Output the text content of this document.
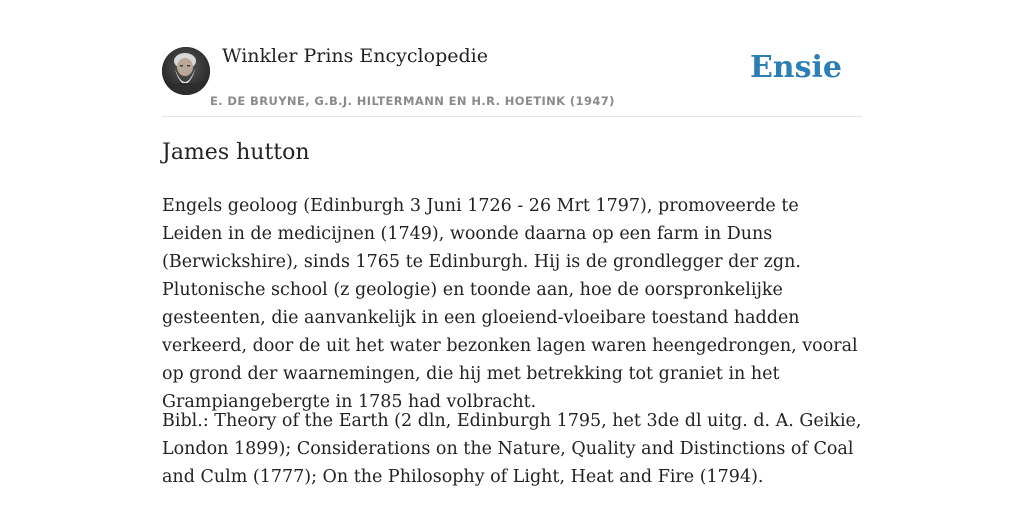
Winkler Prins Encyclopedie
E. DE BRUYNE, G.B.J. HILTERMANN EN H.R. HOETINK (1947)
Ensie
James hutton

Engels geoloog (Edinburgh 3 Juni 1726 - 26 Mrt 1797), promoveerde te Leiden in de medicijnen (1749), woonde daarna op een farm in Duns (Berwickshire), sinds 1765 te Edinburgh. Hij is de grondlegger der zgn. Plutonische school (z geologie) en toonde aan, hoe de oorspronkelijke gesteenten, die aanvankelijk in een gloeiend-vloeibare toestand hadden verkeerd, door de uit het water bezonken lagen waren heengedrongen, vooral op grond der waarnemingen, die hij met betrekking tot graniet in het Grampiangebergte in 1785 had volbracht.

Bibl.: Theory of the Earth (2 dln, Edinburgh 1795, het 3de dl uitg. d. A. Geikie, London 1899); Considerations on the Nature, Quality and Distinctions of Coal and Culm (1777); On the Philosophy of Light, Heat and Fire (1794).
